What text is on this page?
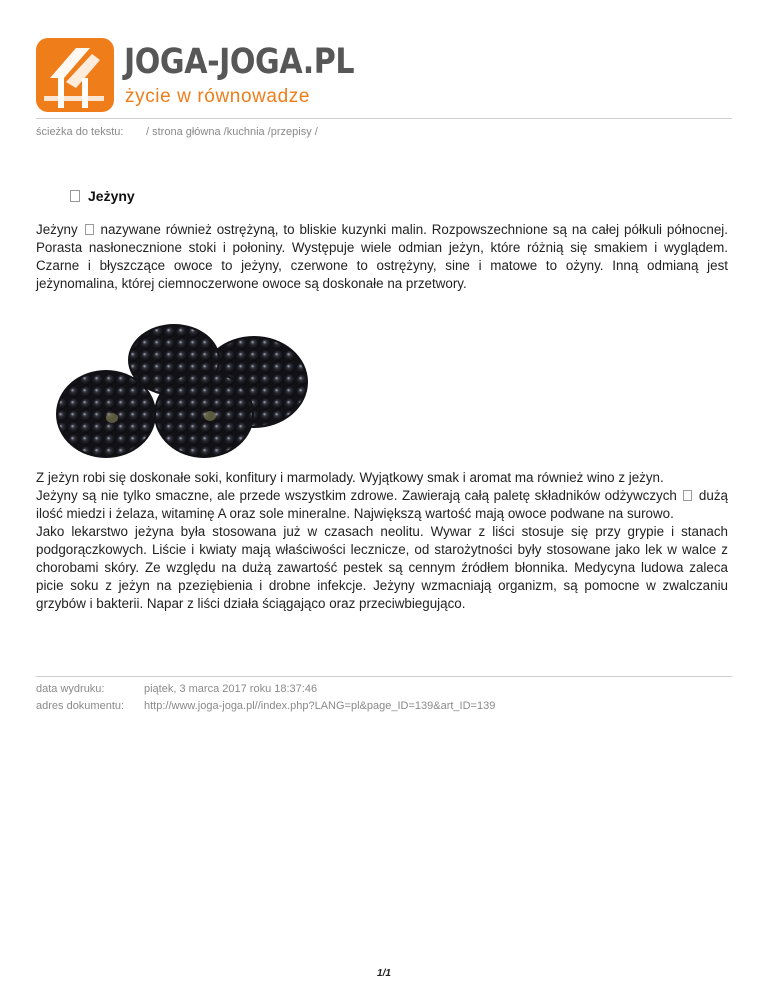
JOGA-JOGA.PL
życie w równowadze
ścieżka do tekstu: / strona główna /kuchnia /przepisy /
Jeżyny

Jeżyny nazywane również ostrężyną, to bliskie kuzynki malin. Rozpowszechnione są na całej półkuli północnej. Porasta nasłonecznione stoki i połoniny. Występuje wiele odmian jeżyn, które różnią się smakiem i wyglądem. Czarne i błyszczące owoce to jeżyny, czerwone to ostrężyny, sine i matowe to ożyny. Inną odmianą jest jeżynomalina, której ciemnoczerwone owoce są doskonałe na przetwory.

Z jeżyn robi się doskonałe soki, konfitury i marmolady. Wyjątkowy smak i aromat ma również wino z jeżyn.

Jeżyny są nie tylko smaczne, ale przede wszystkim zdrowe. Zawierają całą paletę składników odżywczych dużą ilość miedzi i żelaza, witaminę A oraz sole mineralne. Największą wartość mają owoce podwane na surowo.

Jako lekarstwo jeżyna była stosowana już w czasach neolitu. Wywar z liści stosuje się przy grypie i stanach podgorączkowych. Liście i kwiaty mają właściwości lecznicze, od starożytności były stosowane jako lek w walce z chorobami skóry. Ze względu na dużą zawartość pestek są cennym źródłem błonnika. Medycyna ludowa zaleca picie soku z jeżyn na pzeziębienia i drobne infekcje. Jeżyny wzmacniają organizm, są pomocne w zwalczaniu grzybów i bakterii. Napar z liści działa ściągająco oraz przeciwbiegująco.

data wydruku:	piątek, 3 marca 2017 roku 18:37:46
adres dokumentu: http://www.joga-joga.pl//index.php?LANG=pl&page_ID=139&art_ID=139
1/1
